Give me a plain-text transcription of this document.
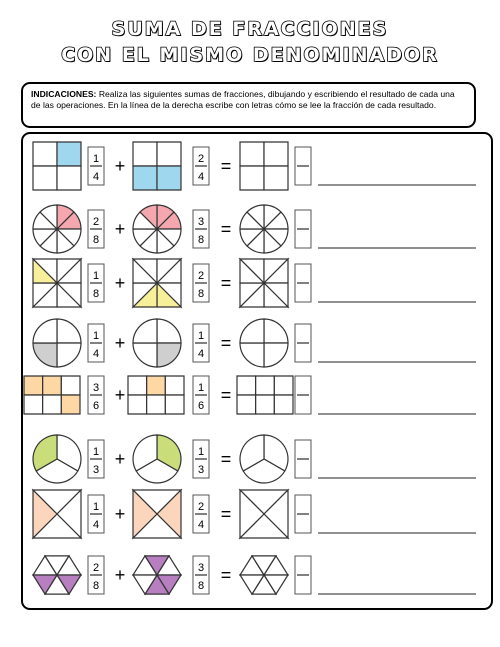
SUMA DE FRACCIONES
CON EL MISMO DENOMINADOR
INDICACIONES: Realiza las siguientes sumas de fracciones, dibujando y escribiendo el resultado de cada una de las operaciones. En la línea de la derecha escribe con letras cómo se lee la fracción de cada resultado.
1
4
+	2
4
=
2
8
+	3
8
=
1
8
+	2
8
=
1
4
+	1
4
=
3
6
+	1
6
=
1
3
+	1
3
=
1
4
+	2
4
=
2
8
+	3
8
=
